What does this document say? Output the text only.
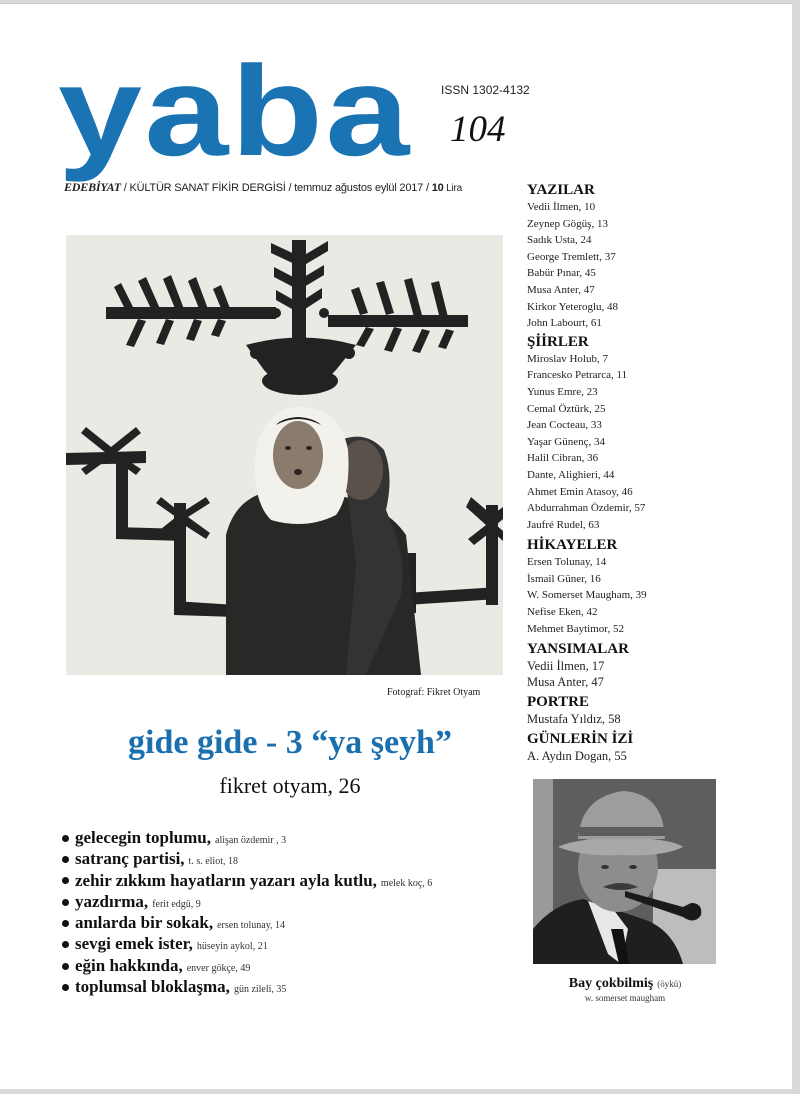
yaba ISSN 1302-4132
104
EDEBİYAT / KÜLTÜR SANAT FİKİR DERGİSİ / temmuz ağustos eylül 2017 / 10 Lira
Fotograf: Fikret Otyam
gide gide - 3 “ya şeyh”
fikret otyam, 26
gelecegin toplumu, alişan özdemir , 3
satranç partisi, t. s. eliot, 18
zehir zıkkım hayatların yazarı ayla kutlu, melek koç, 6
yazdırma, ferit edgü, 9
anılarda bir sokak, ersen tolunay, 14
sevgi emek ister, hüseyin aykol, 21
eğin hakkında, enver gökçe, 49
toplumsal bloklaşma, gün zileli, 35
YAZILAR
Vedii İlmen, 10
Zeynep Gögüş, 13
Sadık Usta, 24
George Tremlett, 37
Babür Pınar, 45
Musa Anter, 47
Kirkor Yeteroglu, 48
John Labourt, 61
ŞİİRLER
Miroslav Holub, 7
Francesko Petrarca, 11
Yunus Emre, 23
Cemal Öztürk, 25
Jean Cocteau, 33
Yaşar Günenç, 34
Halil Cibran, 36
Dante, Alighieri, 44
Ahmet Emin Atasoy, 46
Abdurrahman Özdemir, 57
Jaufré Rudel, 63
HİKAYELER
Ersen Tolunay, 14
İsmail Güner, 16
W. Somerset Maugham, 39
Nefise Eken, 42
Mehmet Baytimor, 52
YANSIMALAR
Vedii İlmen, 17
Musa Anter, 47
PORTRE
Mustafa Yıldız, 58
GÜNLERİN İZİ
A. Aydın Dogan, 55
Bay çokbilmiş (öykü)
w. somerset maugham
